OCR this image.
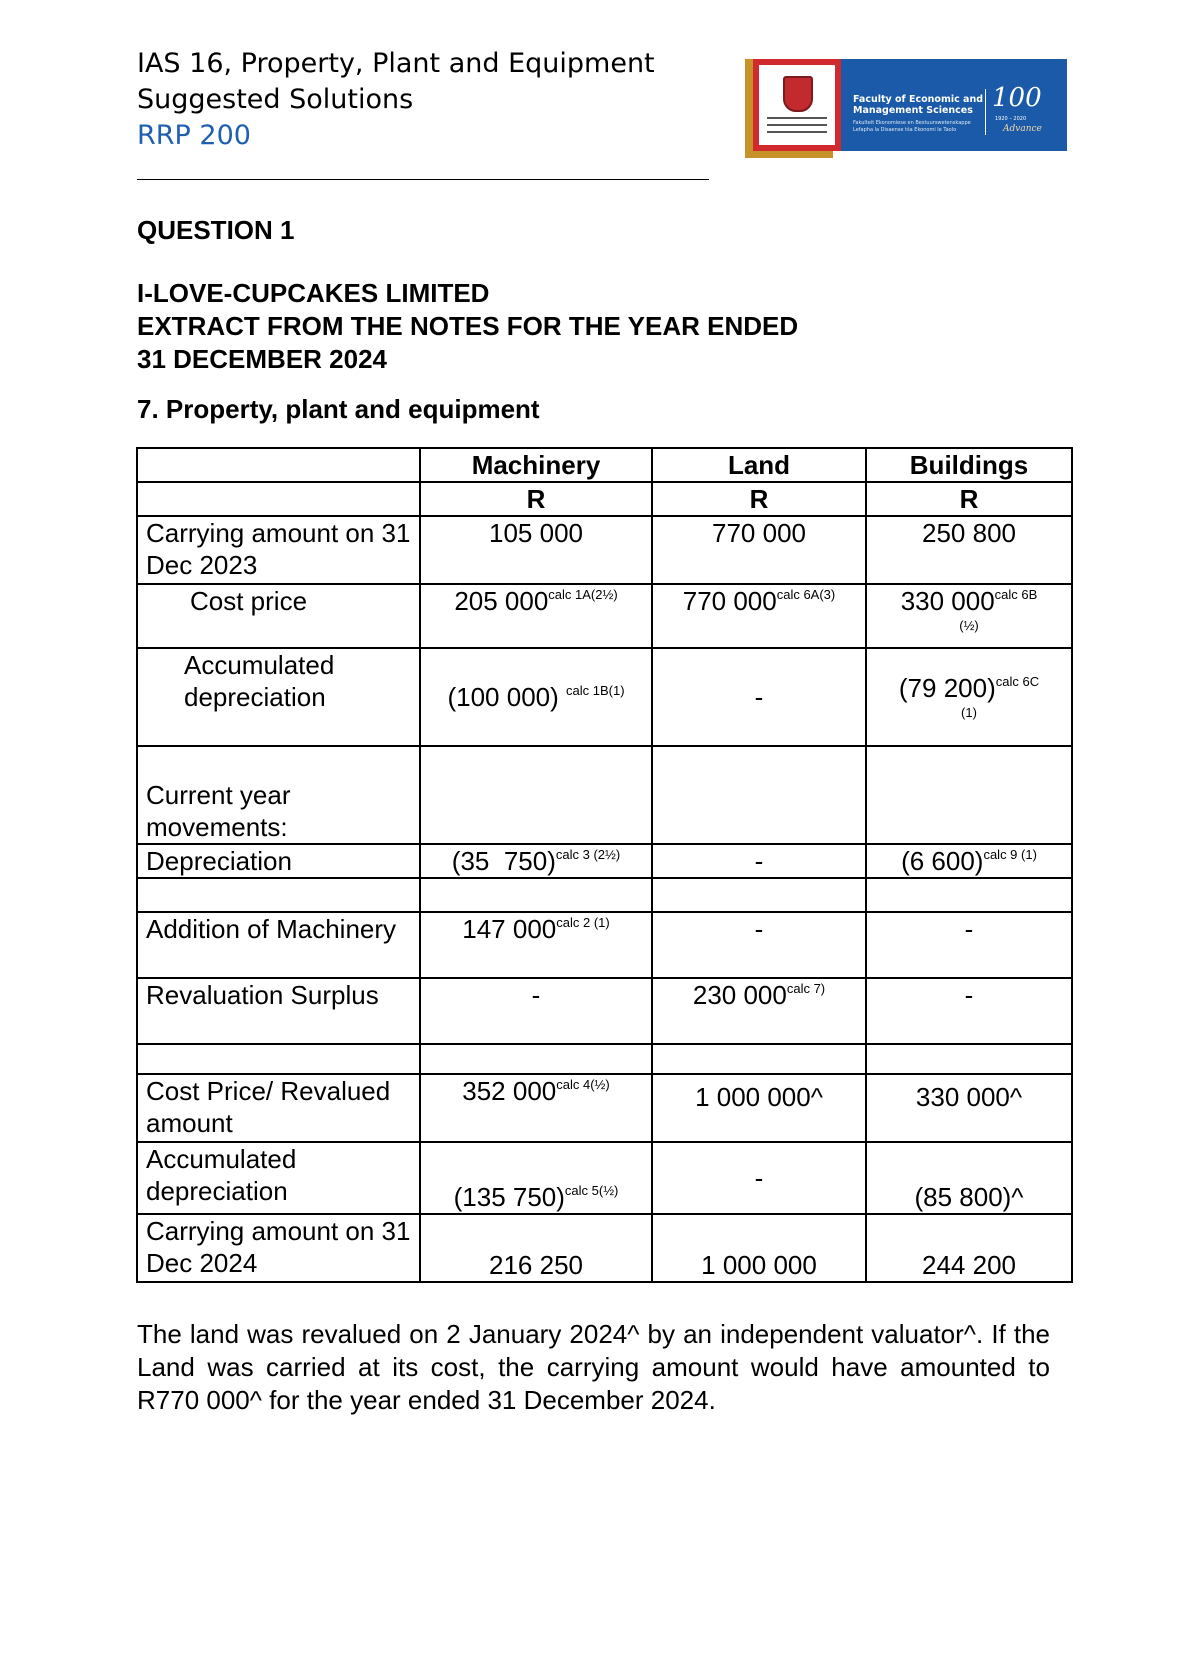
IAS 16, Property, Plant and Equipment
Suggested Solutions
RRP 200
Faculty of Economic and
Management Sciences
Fakulteit Ekonomiese en Bestuurswetenskappe
Lefapha la Disaense tša Ekonomi le Taolo
100
1920 – 2020
Advance
QUESTION 1
I-LOVE-CUPCAKES LIMITED
EXTRACT FROM THE NOTES FOR THE YEAR ENDED
31 DECEMBER 2024
7. Property, plant and equipment
	Machinery	Land	Buildings
	R	R	R
Carrying amount on 31 Dec 2023	105 000	770 000	250 800
Cost price	205 $000^{calc 1A(2\frac{1}{2})}$	770 $000^{calc 6A(3)}$	330 $000^{calc 6B}$
(½)

Accumulated depreciation	(100 000) $^{calc 1B(1)}$	-	(79 200)$^{calc 6C}$
(1)

Current year movements:			
Depreciation	(35  750)$^{calc 3 (2\frac{1}{2})}$	-	(6 600)$^{calc 9 (1)}$

Addition of Machinery	147 $000^{calc 2 (1)}$	-	-
Revaluation Surplus	-	230 $000^{calc 7)}$	-

Cost Price/ Revalued amount	352 $000^{calc 4(\frac{1}{2})}$	1 000 000^	330 000^
Accumulated depreciation	(135 750)$^{calc 5(\frac{1}{2})}$	-	(85 800)^
Carrying amount on 31 Dec 2024	216 250	1 000 000	244 200
The land was revalued on 2 January 2024^ by an independent valuator^. If the Land was carried at its cost, the carrying amount would have amounted to R770 000^ for the year ended 31 December 2024.
